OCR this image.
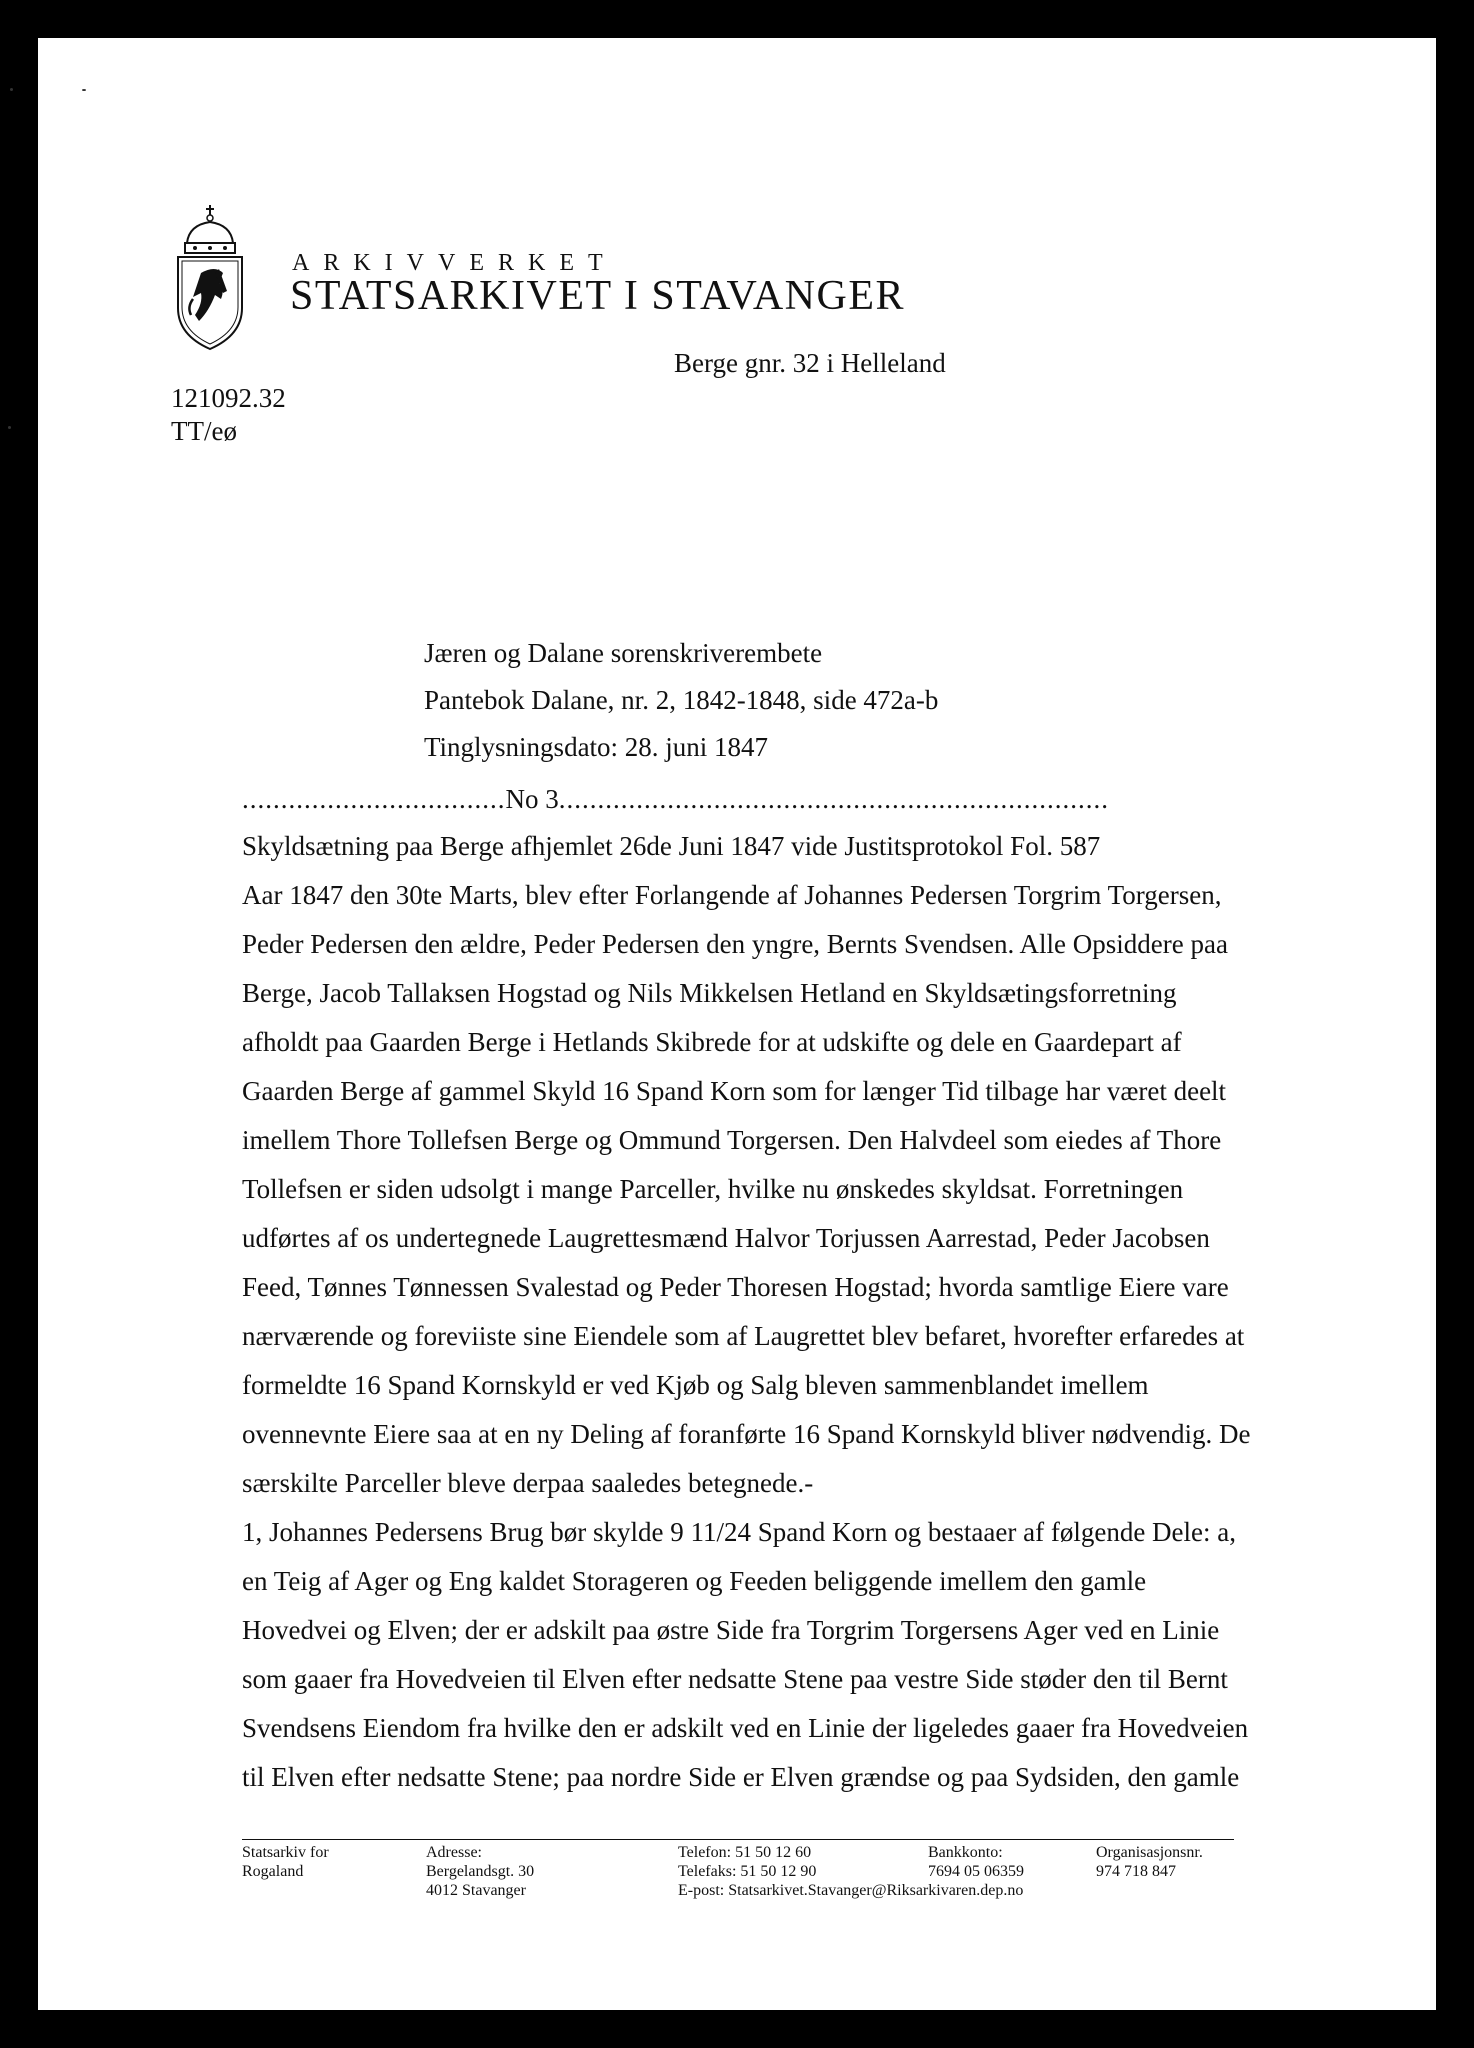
ARKIVVERKET
STATSARKIVET I STAVANGER
Berge gnr. 32 i Helleland
121092.32
TT/eø
Jæren og Dalane sorenskriverembete
Pantebok Dalane, nr. 2, 1842-1848, side 472a-b
Tinglysningsdato: 28. juni 1847
..................................No 3.......................................................................
Skyldsætning paa Berge afhjemlet 26de Juni 1847 vide Justitsprotokol Fol. 587
Aar 1847 den 30te Marts, blev efter Forlangende af Johannes Pedersen Torgrim Torgersen,
Peder Pedersen den ældre, Peder Pedersen den yngre, Bernts Svendsen. Alle Opsiddere paa
Berge, Jacob Tallaksen Hogstad og Nils Mikkelsen Hetland en Skyldsætingsforretning
afholdt paa Gaarden Berge i Hetlands Skibrede for at udskifte og dele en Gaardepart af
Gaarden Berge af gammel Skyld 16 Spand Korn som for længer Tid tilbage har været deelt
imellem Thore Tollefsen Berge og Ommund Torgersen. Den Halvdeel som eiedes af Thore
Tollefsen er siden udsolgt i mange Parceller, hvilke nu ønskedes skyldsat. Forretningen
udførtes af os undertegnede Laugrettesmænd Halvor Torjussen Aarrestad, Peder Jacobsen
Feed, Tønnes Tønnessen Svalestad og Peder Thoresen Hogstad; hvorda samtlige Eiere vare
nærværende og foreviiste sine Eiendele som af Laugrettet blev befaret, hvorefter erfaredes at
formeldte 16 Spand Kornskyld er ved Kjøb og Salg bleven sammenblandet imellem
ovennevnte Eiere saa at en ny Deling af foranførte 16 Spand Kornskyld bliver nødvendig. De
særskilte Parceller bleve derpaa saaledes betegnede.-
1, Johannes Pedersens Brug bør skylde 9 11/24 Spand Korn og bestaaer af følgende Dele: a,
en Teig af Ager og Eng kaldet Storageren og Feeden beliggende imellem den gamle
Hovedvei og Elven; der er adskilt paa østre Side fra Torgrim Torgersens Ager ved en Linie
som gaaer fra Hovedveien til Elven efter nedsatte Stene paa vestre Side støder den til Bernt
Svendsens Eiendom fra hvilke den er adskilt ved en Linie der ligeledes gaaer fra Hovedveien
til Elven efter nedsatte Stene; paa nordre Side er Elven grændse og paa Sydsiden, den gamle
Statsarkiv for
Rogaland
Adresse:
Bergelandsgt. 30
4012 Stavanger
Telefon: 51 50 12 60
Telefaks: 51 50 12 90
E-post: Statsarkivet.Stavanger@Riksarkivaren.dep.no
Bankkonto:
7694 05 06359
Organisasjonsnr.
974 718 847
